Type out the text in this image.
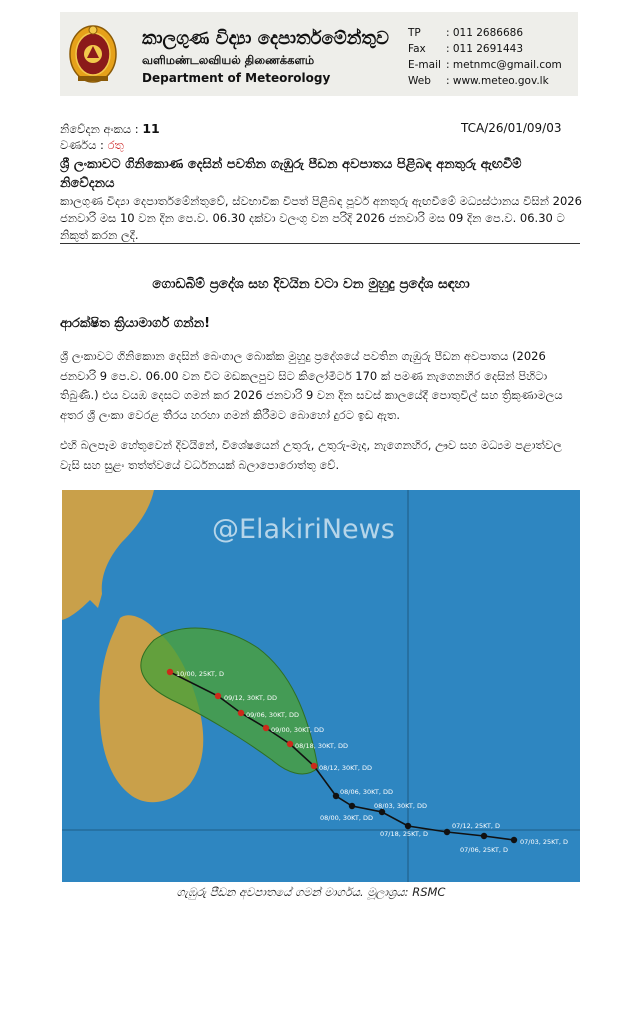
කාලගුණ විද්‍යා දෙපාර්තමේන්තුව
வளிமண்டலவியல் திணைக்களம்
Department of Meteorology
TP : 011 2686686
Fax : 011 2691443
E-mail : metnmc@gmail.com
Web : www.meteo.gov.lk
නිවේදන අංකය : 11	TCA/26/01/09/03
වර්ණය : රතු
ශ්‍රී ලංකාවට ගිනිකොණ දෙසින් පවතින ගැඹුරු පීඩන අවපාතය පිළිබඳ අනතුරු ඇඟවීම් නිවේදනය
කාලගුණ විද්‍යා දෙපාර්තමේන්තුවේ, ස්වභාවික විපත් පිළිබඳ පූර්ව අනතුරු ඇඟවීමේ මධ්‍යස්ථානය විසින් 2026 ජනවාරි මස 10 වන දින පෙ.ව. 06.30 දක්වා වලංගු වන පරිදි 2026 ජනවාරි මස 09 දින පෙ.ව. 06.30 ට නිකුත් කරන ලදී.
ගොඩබිම් ප්‍රදේශ සහ දිවයින වටා වන මුහුදු ප්‍රදේශ සඳහා
ආරක්ෂිත ක්‍රියාමාර්ග ගන්න!
ශ්‍රී ලංකාවට ගිනිකොන දෙසින් බෙංගාල බොක්ක මුහුදු ප්‍රදේශයේ පවතින ගැඹුරු පීඩන අවපාතය (2026 ජනවාරි 9 පෙ.ව. 06.00 වන විට මඩකලපුව සිට කිලෝමීටර් 170 ක් පමණ නැගෙනහිර දෙසින් පිහිටා තිබුණි.) එය වයඹ දෙසට ගමන් කර 2026 ජනවාරි 9 වන දින සවස් කාලයේදී පොතුවිල් සහ ත්‍රිකුණාමලය අතර ශ්‍රී ලංකා වෙරළ තීරය හරහා ගමන් කිරීමට බොහෝ දුරට ඉඩ ඇත.
එහි බලපෑම හේතුවෙන් දිවයිනේ, විශේෂයෙන් උතුරු, උතුරු-මැද, නැගෙනහිර, ඌව සහ මධ්‍යම පළාත්වල වැසි සහ සුළං තත්ත්වයේ වර්ධනයක් බලාපොරොත්තු වේ.
10/00, 25KT, D
09/12, 30KT, DD
09/06, 30KT, DD
09/00, 30KT, DD
08/18, 30KT, DD
08/12, 30KT, DD
08/06, 30KT, DD
08/00, 30KT, DD
08/03, 30KT, DD
07/18, 25KT, D
07/12, 25KT, D
07/06, 25KT, D
07/03, 25KT, D
@ElakiriNews
ගැඹුරු පීඩන අවපාතයේ ගමන් මාර්ගය. මූලාශ්‍රය: RSMC
